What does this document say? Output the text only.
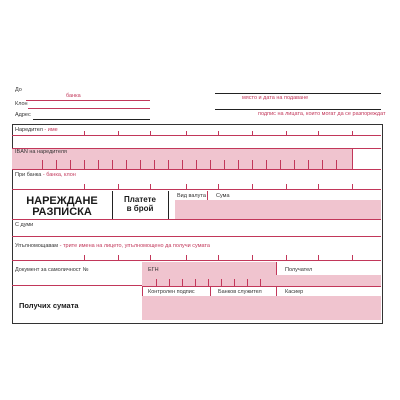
До
банка	място и дата на подаване
Клон
Адрес	подпис на лицата, които могат да се разпореждат
Наредител - име
IBAN на наредителя
При банка - банка, клон
НАРЕЖДАНЕ
РАЗПИСКА
Платете
в брой
Вид валута Сума
С думи
Упълномощавам - трите имена на лицето, упълномощено да получи сумата
Документ за самоличност №	ЕГН	Получател
Получих сумата
Контролен подпис	Банков служител	Касиер
